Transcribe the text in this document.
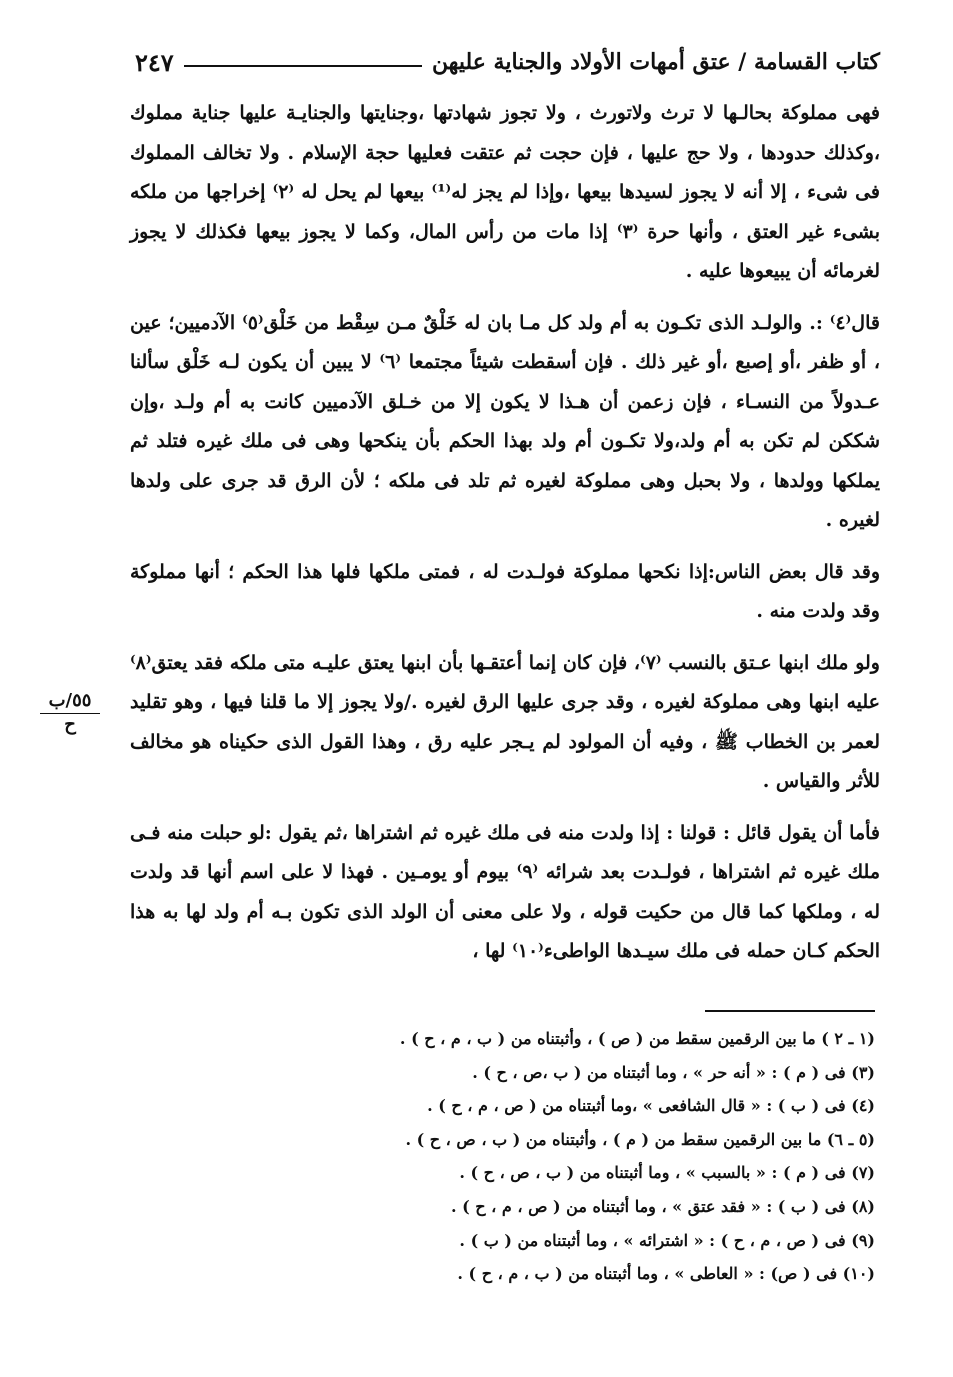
كتاب القسامة / عتق أمهات الأولاد والجناية عليهن
٢٤٧
٥٥/ب
ح

فهى مملوكة بحالـها لا ترث ولاتورث ، ولا تجوز شهادتها ،وجنايتها والجنايـة عليها جناية مملوك ،وكذلك حدودها ، ولا حج عليها ، فإن حجت ثم عتقت فعليها حجة الإسلام . ولا تخالف المملوك فى شىء ، إلا أنه لا يجوز لسيدها بيعها ،وإذا لم يجز له⁽¹⁾ بيعها لم يحل له ⁽٢⁾ إخراجها من ملكه بشىء غير العتق ، وأنها حرة ⁽٣⁾ إذا مات من رأس المال، وكما لا يجوز بيعها فكذلك لا يجوز لغرمائه أن يبيعوها عليه .

قال⁽٤⁾ :. والولـد الذى تكـون به أم ولد كل مـا بان له خَلْقٌ مـن سِقْط من خَلْق⁽٥⁾ الآدميين؛ عين ، أو ظفر ،أو إصبع ،أو غير ذلك . فإن أسقطت شيئاً مجتمعا ⁽٦⁾ لا يبين أن يكون لـه خَلْق سألنا عـدولاً من النسـاء ، فإن زعمن أن هـذا لا يكون إلا من خـلق الآدميين كانت به أم ولـد ،وإن شككن لم تكن به أم ولد،ولا تكـون أم ولد بهذا الحكم بأن ينكحها وهى فى ملك غيره فتلد ثم يملكها وولدها ، ولا بحبل وهى مملوكة لغيره ثم تلد فى ملكه ؛ لأن الرق قد جرى على ولدها لغيره .

وقد قال بعض الناس:إذا نكحها مملوكة فولـدت له ، فمتى ملكها فلها هذا الحكم ؛ أنها مملوكة وقد ولدت منه .

ولو ملك ابنها عـتق بالنسب ⁽٧⁾، فإن كان إنما أعتقـها بأن ابنها يعتق عليـه متى ملكه فقد يعتق⁽٨⁾ عليه ابنها وهى مملوكة لغيره ، وقد جرى عليها الرق لغيره ./ولا يجوز إلا ما قلنا فيها ، وهو تقليد لعمر بن الخطاب ﷺ ، وفيه أن المولود لم يـجر عليه رق ، وهذا القول الذى حكيناه هو مخالف للأثر والقياس .

فأما أن يقول قائل : قولنا : إذا ولدت منه فى ملك غيره ثم اشتراها ،ثم يقول :لو حبلت منه فـى ملك غيره ثم اشتراها ، فولـدت بعد شرائه ⁽٩⁾ بيوم أو يومـين . فهذا لا على اسم أنها قد ولدت له ، وملكها كما قال من حكيت قوله ، ولا على معنى أن الولد الذى تكون بـه أم ولد لها به هذا الحكم كـان حمله فى ملك سيـدها الواطىء⁽١٠⁾ لها ،

(١ ـ ٢ ) ما بين الرقمين سقط من ( ص ) ، وأثبتناه من ( ب ، م ، ح ) .
(٣) فى ( م ) : « أنه حر » ، وما أثبتناه من ( ب ،ص ، ح ) .
(٤) فى ( ب ) : « قال الشافعى » ،وما أثبتناه من ( ص ، م ، ح ) .
(٥ ـ ٦) ما بين الرقمين سقط من ( م ) ، وأثبتناه من ( ب ، ص ، ح ) .
(٧) فى ( م ) : « بالسبب » ، وما أثبتناه من ( ب ، ص ، ح ) .
(٨) فى ( ب ) : « فقد عتق » ، وما أثبتناه من ( ص ، م ، ح ) .
(٩) فى ( ص ، م ، ح ) : « اشترائه » ، وما أثبتناه من ( ب ) .
(١٠) فى ( ص) : « العاطى » ، وما أثبتناه من ( ب ، م ، ح ) .
